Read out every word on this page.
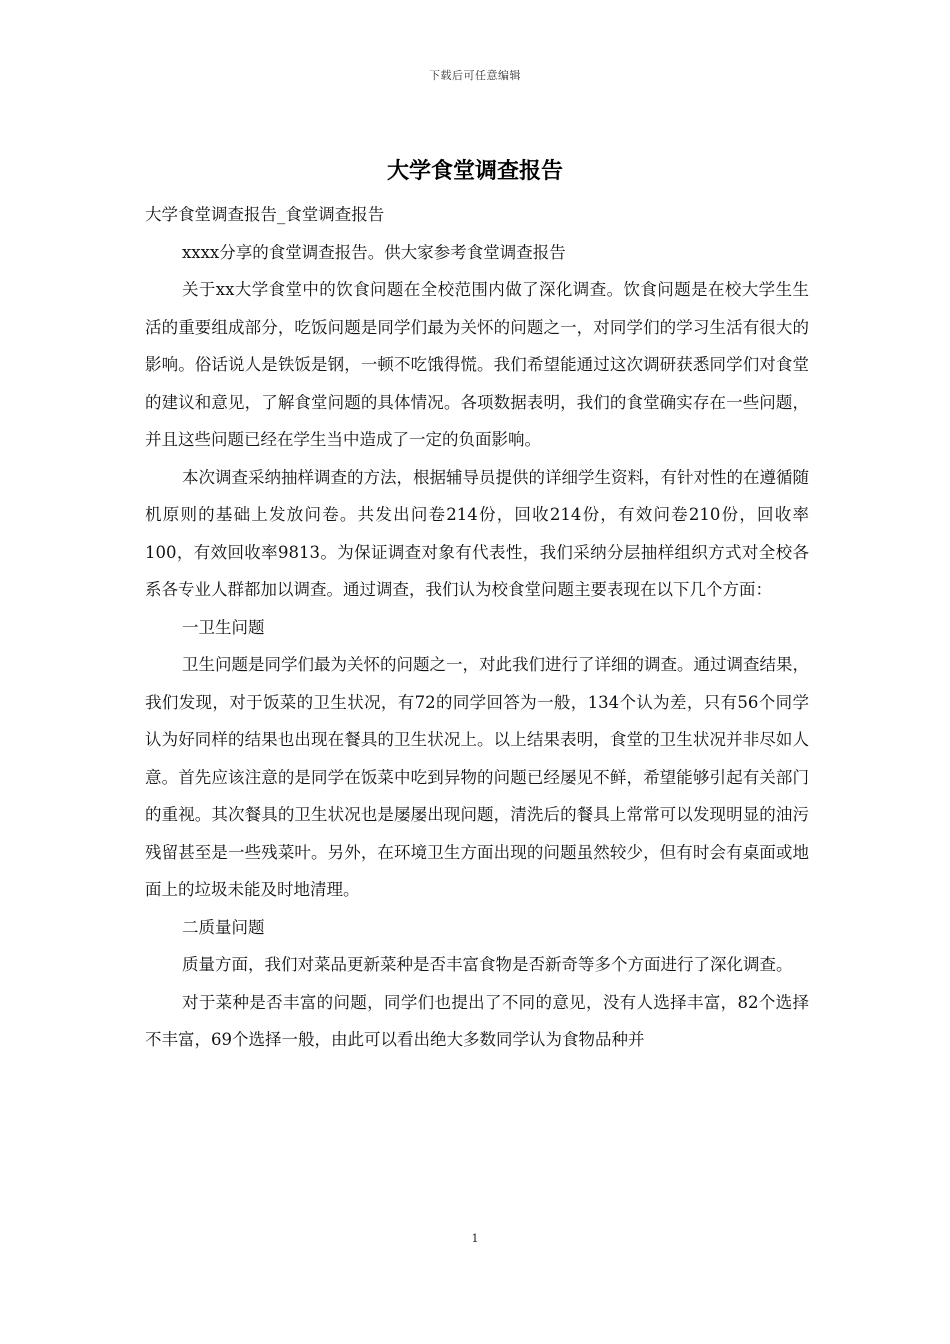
下载后可任意编辑
大学食堂调查报告

大学食堂调查报告_食堂调查报告

xxxx分享的食堂调查报告。供大家参考食堂调查报告

关于xx大学食堂中的饮食问题在全校范围内做了深化调查。饮食问题是在校大学生生活的重要组成部分，吃饭问题是同学们最为关怀的问题之一，对同学们的学习生活有很大的影响。俗话说人是铁饭是钢，一顿不吃饿得慌。我们希望能通过这次调研获悉同学们对食堂的建议和意见，了解食堂问题的具体情况。各项数据表明，我们的食堂确实存在一些问题，并且这些问题已经在学生当中造成了一定的负面影响。

本次调查采纳抽样调查的方法，根据辅导员提供的详细学生资料，有针对性的在遵循随机原则的基础上发放问卷。共发出问卷214份，回收214份，有效问卷210份，回收率100，有效回收率9813。为保证调查对象有代表性，我们采纳分层抽样组织方式对全校各系各专业人群都加以调查。通过调查，我们认为校食堂问题主要表现在以下几个方面：

一卫生问题

卫生问题是同学们最为关怀的问题之一，对此我们进行了详细的调查。通过调查结果，我们发现，对于饭菜的卫生状况，有72的同学回答为一般，134个认为差，只有56个同学认为好同样的结果也出现在餐具的卫生状况上。以上结果表明，食堂的卫生状况并非尽如人意。首先应该注意的是同学在饭菜中吃到异物的问题已经屡见不鲜，希望能够引起有关部门的重视。其次餐具的卫生状况也是屡屡出现问题，清洗后的餐具上常常可以发现明显的油污残留甚至是一些残菜叶。另外，在环境卫生方面出现的问题虽然较少，但有时会有桌面或地面上的垃圾未能及时地清理。

二质量问题

质量方面，我们对菜品更新菜种是否丰富食物是否新奇等多个方面进行了深化调查。

对于菜种是否丰富的问题，同学们也提出了不同的意见，没有人选择丰富，82个选择不丰富，69个选择一般，由此可以看出绝大多数同学认为食物品种并

1
